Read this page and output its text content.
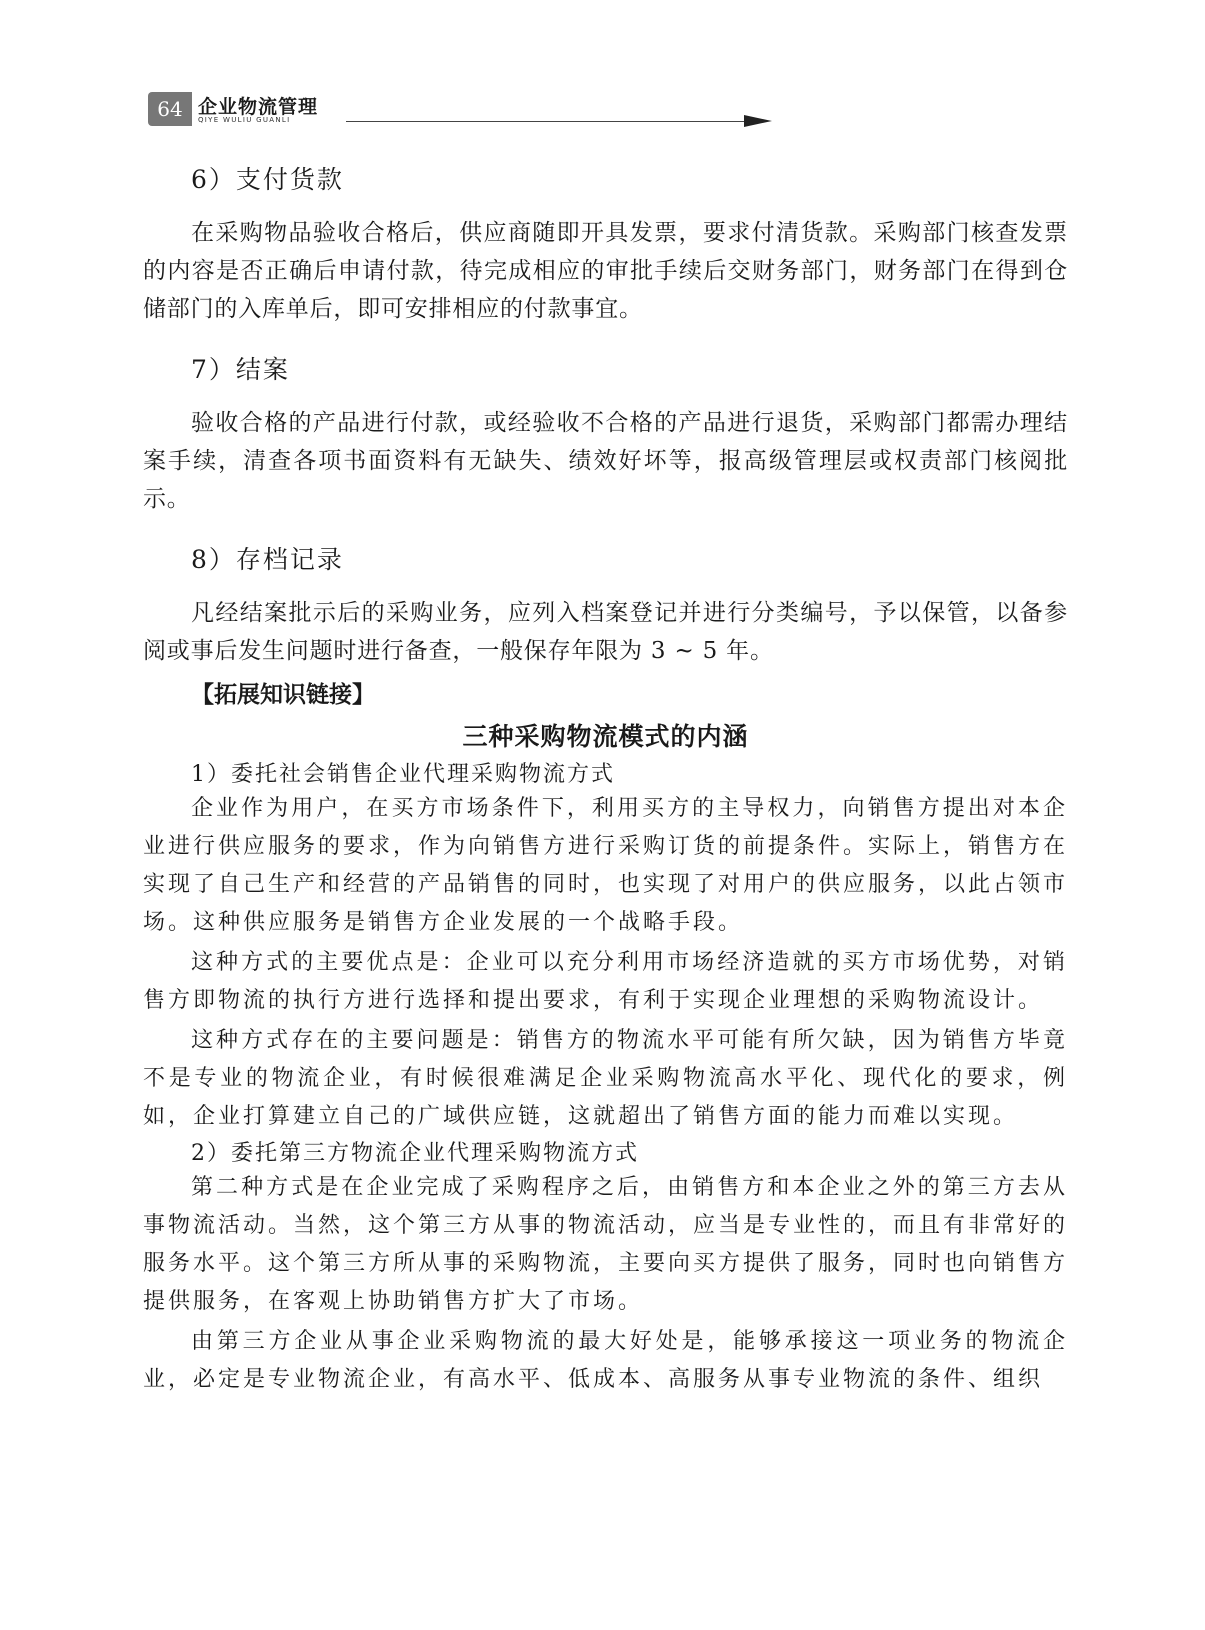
64 企业物流管理
QIYE WULIU GUANLI
6）支付货款
在采购物品验收合格后，供应商随即开具发票，要求付清货款。采购部门核查发票的内容是否正确后申请付款，待完成相应的审批手续后交财务部门，财务部门在得到仓储部门的入库单后，即可安排相应的付款事宜。
7）结案
验收合格的产品进行付款，或经验收不合格的产品进行退货，采购部门都需办理结案手续，清查各项书面资料有无缺失、绩效好坏等，报高级管理层或权责部门核阅批示。
8）存档记录
凡经结案批示后的采购业务，应列入档案登记并进行分类编号，予以保管，以备参阅或事后发生问题时进行备查，一般保存年限为 3 ~ 5 年。
【拓展知识链接】
三种采购物流模式的内涵
1）委托社会销售企业代理采购物流方式
企业作为用户，在买方市场条件下，利用买方的主导权力，向销售方提出对本企业进行供应服务的要求，作为向销售方进行采购订货的前提条件。实际上，销售方在实现了自己生产和经营的产品销售的同时，也实现了对用户的供应服务，以此占领市场。这种供应服务是销售方企业发展的一个战略手段。
这种方式的主要优点是：企业可以充分利用市场经济造就的买方市场优势，对销售方即物流的执行方进行选择和提出要求，有利于实现企业理想的采购物流设计。
这种方式存在的主要问题是：销售方的物流水平可能有所欠缺，因为销售方毕竟不是专业的物流企业，有时候很难满足企业采购物流高水平化、现代化的要求，例如，企业打算建立自己的广域供应链，这就超出了销售方面的能力而难以实现。
2）委托第三方物流企业代理采购物流方式
第二种方式是在企业完成了采购程序之后，由销售方和本企业之外的第三方去从事物流活动。当然，这个第三方从事的物流活动，应当是专业性的，而且有非常好的服务水平。这个第三方所从事的采购物流，主要向买方提供了服务，同时也向销售方提供服务，在客观上协助销售方扩大了市场。
由第三方企业从事企业采购物流的最大好处是，能够承接这一项业务的物流企业，必定是专业物流企业，有高水平、低成本、高服务从事专业物流的条件、组织
